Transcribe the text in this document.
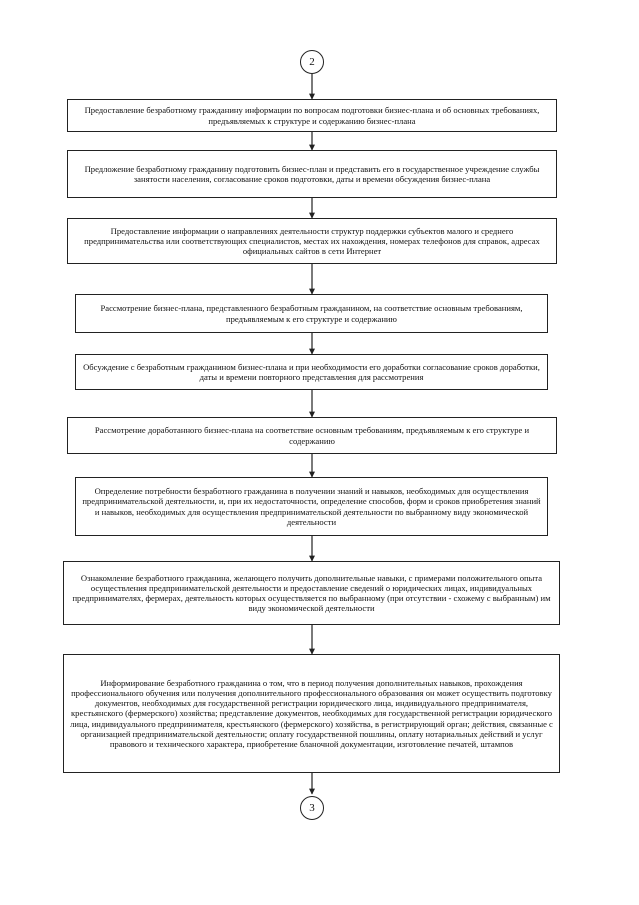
2
Предоставление безработному гражданину информации по вопросам подготовки бизнес-плана и об основных требованиях, предъявляемых к структуре и содержанию бизнес-плана
Предложение безработному гражданину подготовить бизнес-план и представить его в государственное учреждение службы занятости населения, согласование сроков подготовки, даты и времени обсуждения бизнес-плана
Предоставление информации о направлениях деятельности структур поддержки субъектов малого и среднего предпринимательства или соответствующих специалистов, местах их нахождения, номерах телефонов для справок, адресах официальных сайтов в сети Интернет
Рассмотрение бизнес-плана, представленного безработным гражданином, на соответствие основным требованиям, предъявляемым к его структуре и содержанию
Обсуждение с безработным гражданином бизнес-плана и при необходимости его доработки согласование сроков доработки, даты и времени повторного представления для рассмотрения
Рассмотрение доработанного бизнес-плана на соответствие основным требованиям, предъявляемым к его структуре и содержанию
Определение потребности безработного гражданина в получении знаний и навыков, необходимых для осуществления предпринимательской деятельности, и, при их недостаточности, определение способов, форм и сроков приобретения знаний и навыков, необходимых для осуществления предпринимательской деятельности по выбранному виду экономической деятельности
Ознакомление безработного гражданина, желающего получить дополнительные навыки, с примерами положительного опыта осуществления предпринимательской деятельности и предоставление сведений о юридических лицах, индивидуальных предпринимателях, фермерах, деятельность которых осуществляется по выбранному (при отсутствии - схожему с выбранным) им виду экономической деятельности
Информирование безработного гражданина о том, что в период получения дополнительных навыков, прохождения профессионального обучения или получения дополнительного профессионального образования он может осуществить подготовку документов, необходимых для государственной регистрации юридического лица, индивидуального предпринимателя, крестьянского (фермерского) хозяйства; представление документов, необходимых для государственной регистрации юридического лица, индивидуального предпринимателя, крестьянского (фермерского) хозяйства, в регистрирующий орган; действия, связанные с организацией предпринимательской деятельности; оплату государственной пошлины, оплату нотариальных действий и услуг правового и технического характера, приобретение бланочной документации, изготовление печатей, штампов
3
